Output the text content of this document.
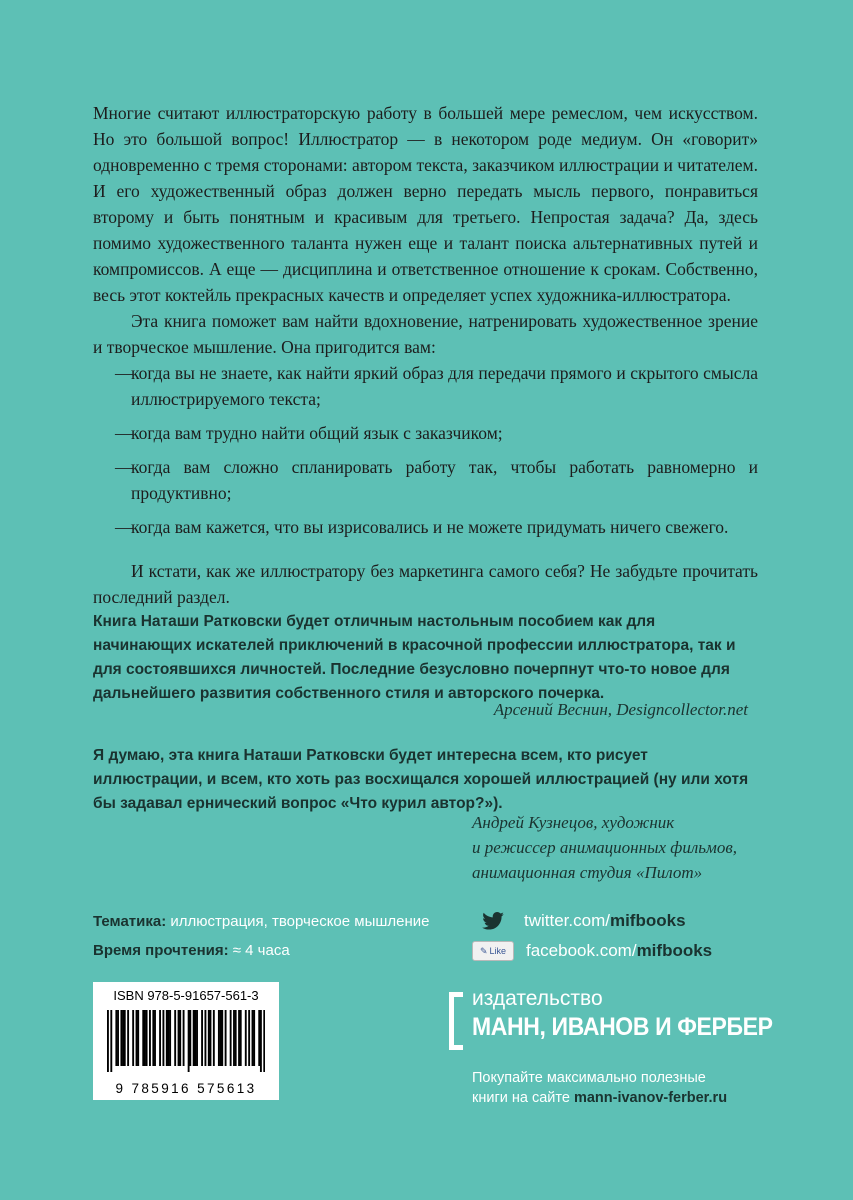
Многие считают иллюстраторскую работу в большей мере ремеслом, чем искусством. Но это большой вопрос! Иллюстратор — в некотором роде медиум. Он «говорит» одновременно с тремя сторонами: автором текста, заказчиком иллюстрации и читателем. И его художественный образ должен верно передать мысль первого, понравиться второму и быть понятным и красивым для третьего. Непростая задача? Да, здесь помимо художественного таланта нужен еще и талант поиска альтернативных путей и компромиссов. А еще — дисциплина и ответственное отношение к срокам. Собственно, весь этот коктейль прекрасных качеств и определяет успех художника-иллюстратора.

Эта книга поможет вам найти вдохновение, натренировать художественное зрение и творческое мышление. Она пригодится вам:

— когда вы не знаете, как найти яркий образ для передачи прямого и скрытого смысла иллюстрируемого текста;
— когда вам трудно найти общий язык с заказчиком;
— когда вам сложно спланировать работу так, чтобы работать равномерно и продуктивно;
— когда вам кажется, что вы изрисовались и не можете придумать ничего свежего.

И кстати, как же иллюстратору без маркетинга самого себя? Не забудьте прочитать последний раздел.

Книга Наташи Ратковски будет отличным настольным пособием как для начинающих искателей приключений в красочной профессии иллюстратора, так и для состоявшихся личностей. Последние безусловно почерпнут что-то новое для дальнейшего развития собственного стиля и авторского почерка.

Арсений Веснин, Designcollector.net

Я думаю, эта книга Наташи Ратковски будет интересна всем, кто рисует иллюстрации, и всем, кто хоть раз восхищался хорошей иллюстрацией (ну или хотя бы задавал ернический вопрос «Что курил автор?»).

Андрей Кузнецов, художник
и режиссер анимационных фильмов,
анимационная студия «Пилот»
Тематика: иллюстрация, творческое мышление
Время прочтения: ≈ 4 часа
twitter.com/mifbooks
✎ Like facebook.com/mifbooks
ISBN 978-5-91657-561-3
9 785916 575613
издательство
МАНН, ИВАНОВ И ФЕРБЕР
Покупайте максимально полезные
книги на сайте mann-ivanov-ferber.ru
